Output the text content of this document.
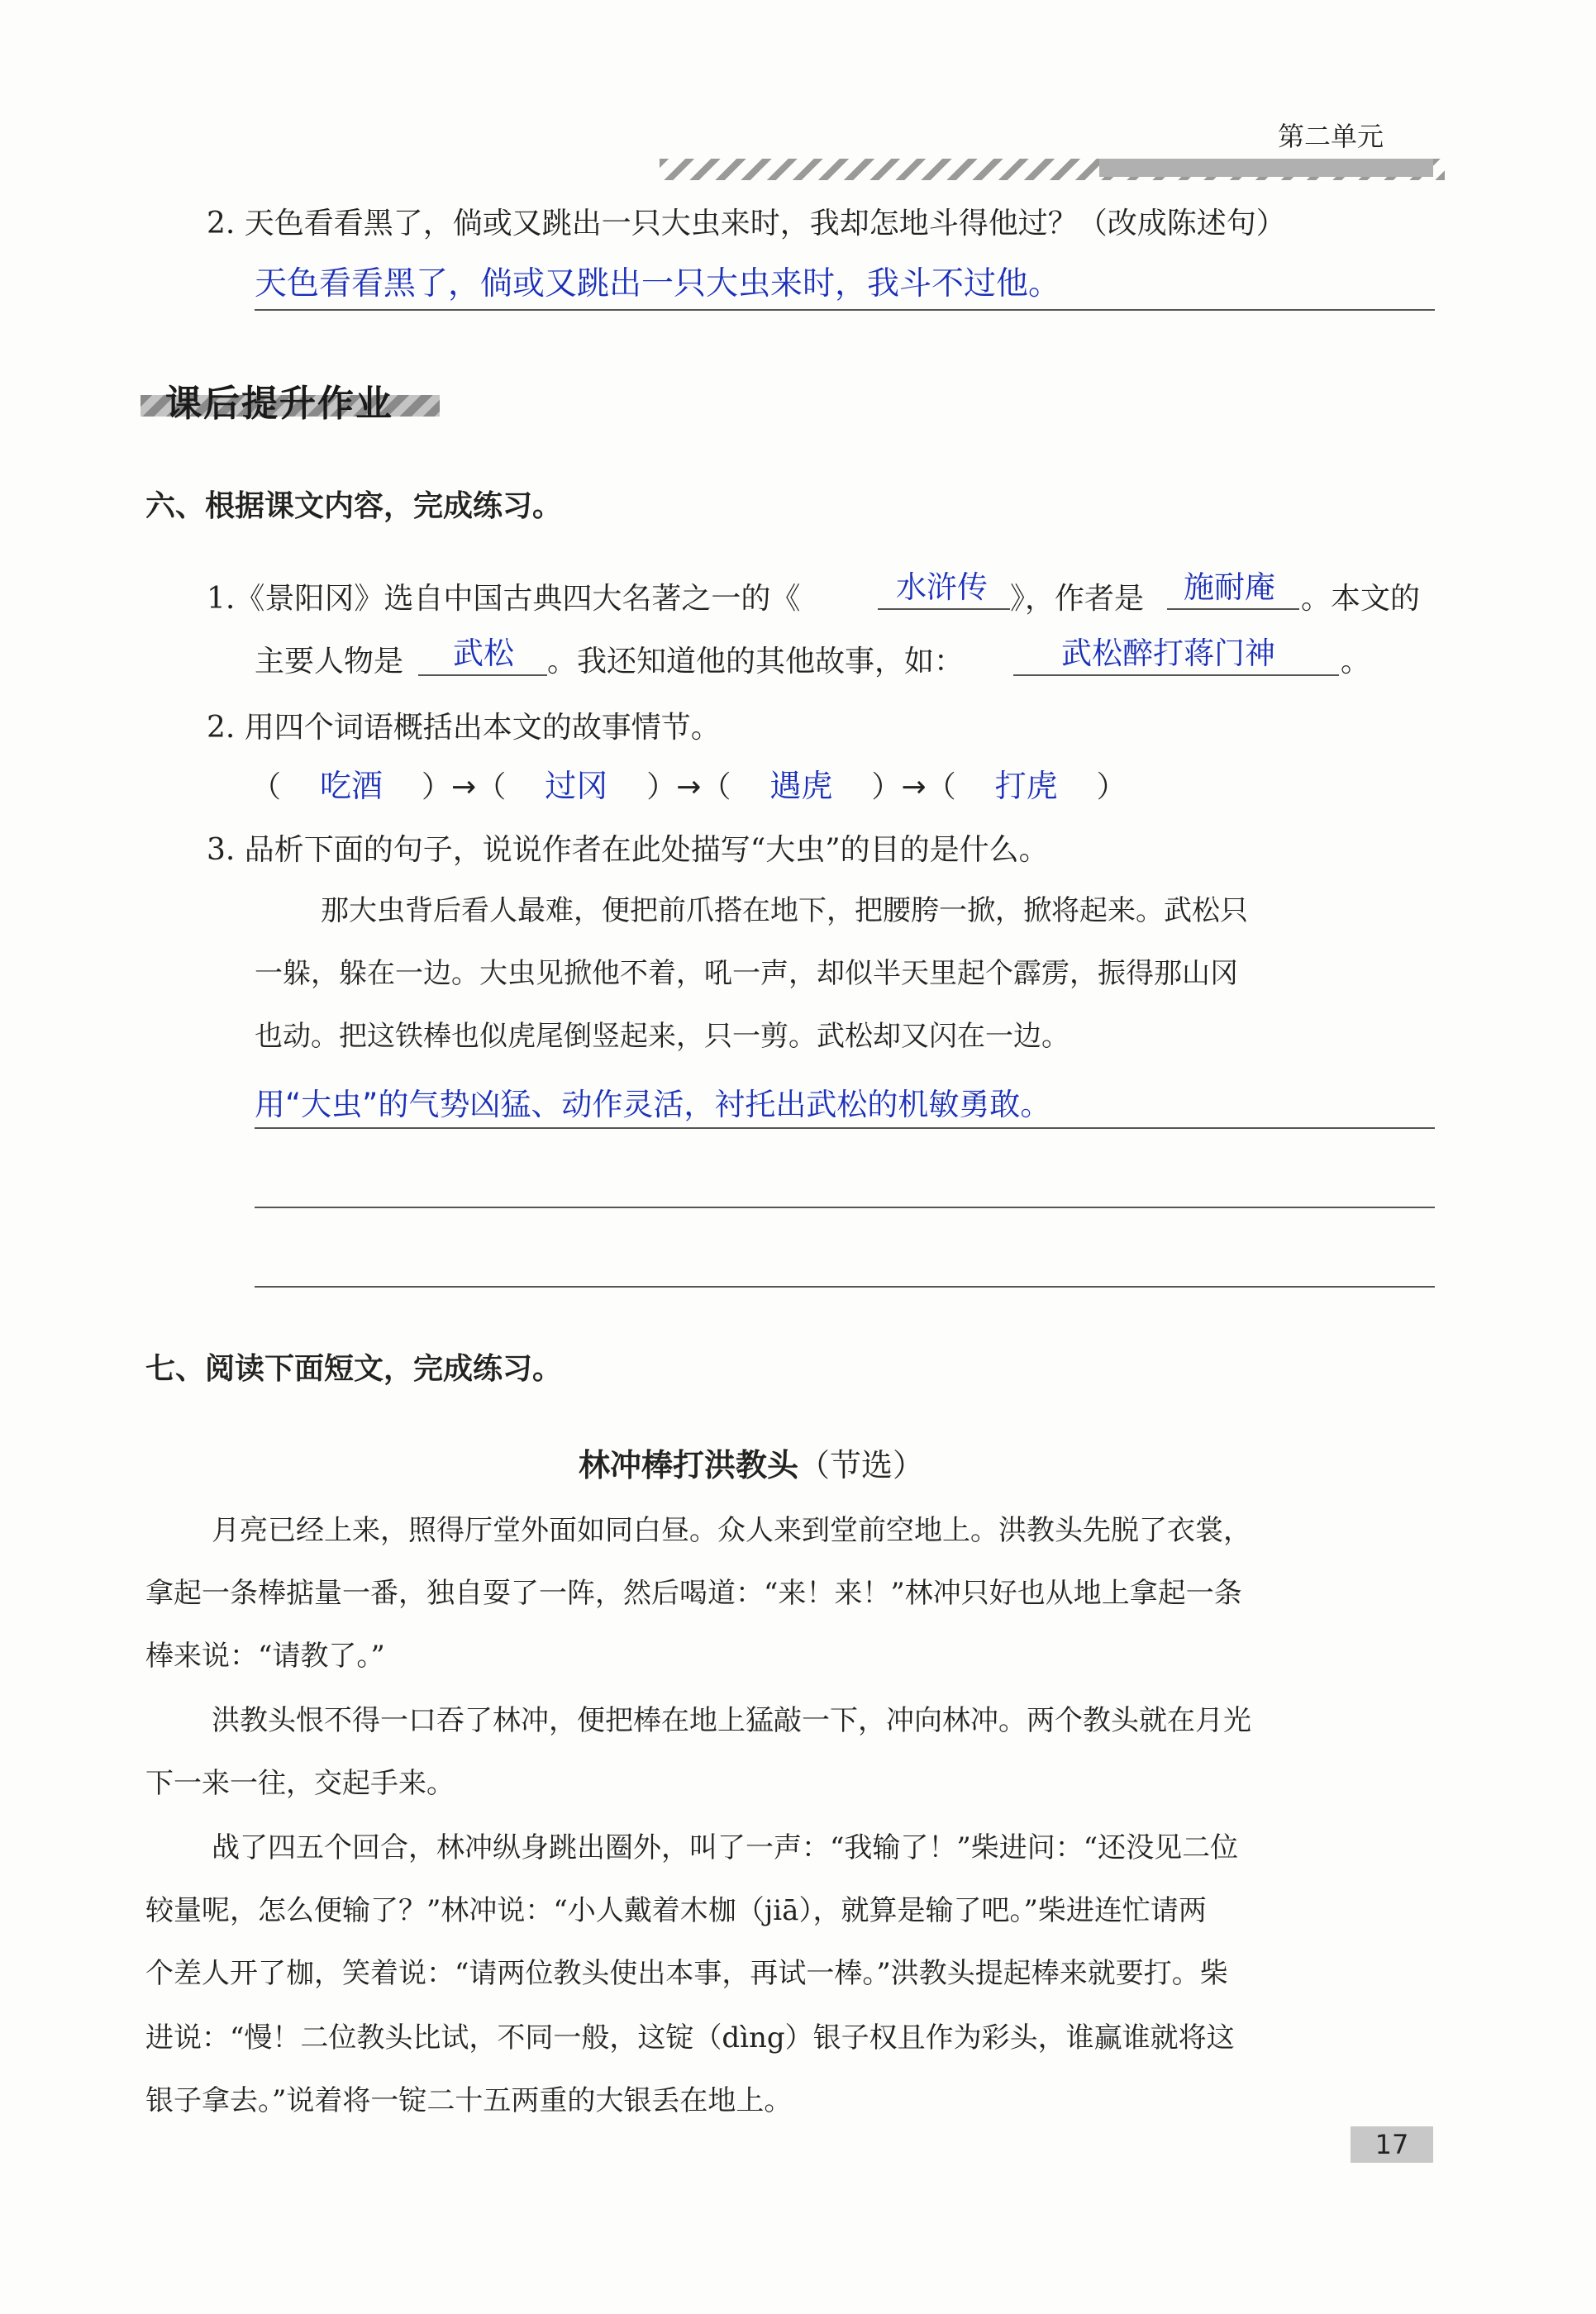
第二单元
2. 天色看看黑了，倘或又跳出一只大虫来时，我却怎地斗得他过？（改成陈述句）
天色看看黑了，倘或又跳出一只大虫来时，我斗不过他。
课后提升作业
六、根据课文内容，完成练习。
1.《景阳冈》选自中国古典四大名著之一的《	水浒传 》，作者是 施耐庵 。本文的
主要人物是 武松 。我还知道他的其他故事，如：	武松醉打蒋门神 。
2. 用四个词语概括出本文的故事情节。
（ 吃酒 ）→（ 过冈 ）→（ 遇虎 ）→（ 打虎 ）
3. 品析下面的句子，说说作者在此处描写“大虫”的目的是什么。
那大虫背后看人最难，便把前爪搭在地下，把腰胯一掀，掀将起来。武松只
一躲，躲在一边。大虫见掀他不着，吼一声，却似半天里起个霹雳，振得那山冈
也动。把这铁棒也似虎尾倒竖起来，只一剪。武松却又闪在一边。
用“大虫”的气势凶猛、动作灵活，衬托出武松的机敏勇敢。
七、阅读下面短文，完成练习。
林冲棒打洪教头（节选）
月亮已经上来，照得厅堂外面如同白昼。众人来到堂前空地上。洪教头先脱了衣裳，
拿起一条棒掂量一番，独自耍了一阵，然后喝道：“来！来！”林冲只好也从地上拿起一条
棒来说：“请教了。”
洪教头恨不得一口吞了林冲，便把棒在地上猛敲一下，冲向林冲。两个教头就在月光
下一来一往，交起手来。
战了四五个回合，林冲纵身跳出圈外，叫了一声：“我输了！”柴进问：“还没见二位
较量呢，怎么便输了？”林冲说：“小人戴着木枷（jiā），就算是输了吧。”柴进连忙请两
个差人开了枷，笑着说：“请两位教头使出本事，再试一棒。”洪教头提起棒来就要打。柴
进说：“慢！二位教头比试，不同一般，这锭（dìng）银子权且作为彩头，谁赢谁就将这
银子拿去。”说着将一锭二十五两重的大银丢在地上。
17
